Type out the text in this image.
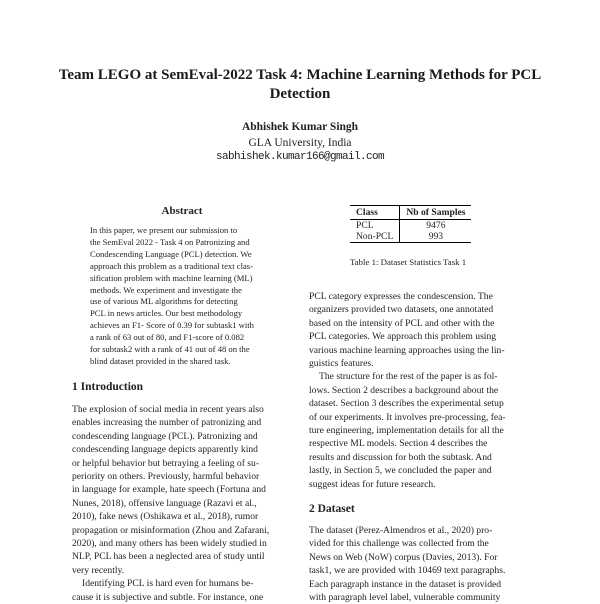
Team LEGO at SemEval-2022 Task 4: Machine Learning Methods for PCL
Detection
Abhishek Kumar Singh
GLA University, India
sabhishek.kumar166@gmail.com
Abstract
In this paper, we present our submission to
the SemEval 2022 - Task 4 on Patronizing and
Condescending Language (PCL) detection. We
approach this problem as a traditional text clas-
sification problem with machine learning (ML)
methods. We experiment and investigate the
use of various ML algorithms for detecting
PCL in news articles. Our best methodology
achieves an F1- Score of 0.39 for subtask1 with
a rank of 63 out of 80, and F1-score of 0.082
for subtask2 with a rank of 41 out of 48 on the
blind dataset provided in the shared task.
1 Introduction
The explosion of social media in recent years also
enables increasing the number of patronizing and
condescending language (PCL). Patronizing and
condescending language depicts apparently kind
or helpful behavior but betraying a feeling of su-
periority on others. Previously, harmful behavior
in language for example, hate speech (Fortuna and
Nunes, 2018), offensive language (Razavi et al.,
2010), fake news (Oshikawa et al., 2018), rumor
propagation or misinformation (Zhou and Zafarani,
2020), and many others has been widely studied in
NLP, PCL has been a neglected area of study until
very recently.
Identifying PCL is hard even for humans be-
cause it is subjective and subtle. For instance, one
Class	Nb of Samples
PCL	9476
Non-PCL	993
Table 1: Dataset Statistics Task 1
PCL category expresses the condescension. The
organizers provided two datasets, one annotated
based on the intensity of PCL and other with the
PCL categories. We approach this problem using
various machine learning approaches using the lin-
guistics features.
The structure for the rest of the paper is as fol-
lows. Section 2 describes a background about the
dataset. Section 3 describes the experimental setup
of our experiments. It involves pre-processing, fea-
ture engineering, implementation details for all the
respective ML models. Section 4 describes the
results and discussion for both the subtask. And
lastly, in Section 5, we concluded the paper and
suggest ideas for future research.
2 Dataset
The dataset (Perez-Almendros et al., 2020) pro-
vided for this challenge was collected from the
News on Web (NoW) corpus (Davies, 2013). For
task1, we are provided with 10469 text paragraphs.
Each paragraph instance in the dataset is provided
with paragraph level label, vulnerable community
